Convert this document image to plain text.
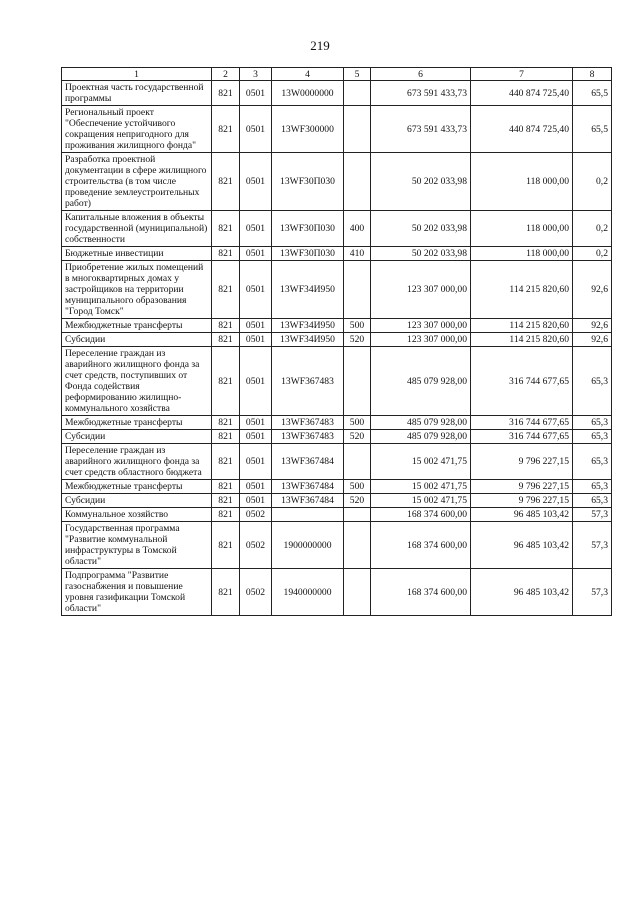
219
1	2	3	4	5	6	7	8
Проектная часть государственной программы	821	0501	13W0000000		673 591 433,73	440 874 725,40	65,5
Региональный проект "Обеспечение устойчивого сокращения непригодного для проживания жилищного фонда"	821	0501	13WF300000		673 591 433,73	440 874 725,40	65,5
Разработка проектной документации в сфере жилищного строительства (в том числе проведение землеустроительных работ)	821	0501	13WF30П030		50 202 033,98	118 000,00	0,2
Капитальные вложения в объекты государственной (муниципальной) собственности	821	0501	13WF30П030	400	50 202 033,98	118 000,00	0,2
Бюджетные инвестиции	821	0501	13WF30П030	410	50 202 033,98	118 000,00	0,2
Приобретение жилых помещений в многоквартирных домах у застройщиков на территории муниципального образования "Город Томск"	821	0501	13WF34И950		123 307 000,00	114 215 820,60	92,6
Межбюджетные трансферты	821	0501	13WF34И950	500	123 307 000,00	114 215 820,60	92,6
Субсидии	821	0501	13WF34И950	520	123 307 000,00	114 215 820,60	92,6
Переселение граждан из аварийного жилищного фонда за счет средств, поступивших от Фонда содействия реформированию жилищно-коммунального хозяйства	821	0501	13WF367483		485 079 928,00	316 744 677,65	65,3
Межбюджетные трансферты	821	0501	13WF367483	500	485 079 928,00	316 744 677,65	65,3
Субсидии	821	0501	13WF367483	520	485 079 928,00	316 744 677,65	65,3
Переселение граждан из аварийного жилищного фонда за счет средств областного бюджета	821	0501	13WF367484		15 002 471,75	9 796 227,15	65,3
Межбюджетные трансферты	821	0501	13WF367484	500	15 002 471,75	9 796 227,15	65,3
Субсидии	821	0501	13WF367484	520	15 002 471,75	9 796 227,15	65,3
Коммунальное хозяйство	821	0502			168 374 600,00	96 485 103,42	57,3
Государственная программа "Развитие коммунальной инфраструктуры в Томской области"	821	0502	1900000000		168 374 600,00	96 485 103,42	57,3
Подпрограмма "Развитие газоснабжения и повышение уровня газификации Томской области"	821	0502	1940000000		168 374 600,00	96 485 103,42	57,3
